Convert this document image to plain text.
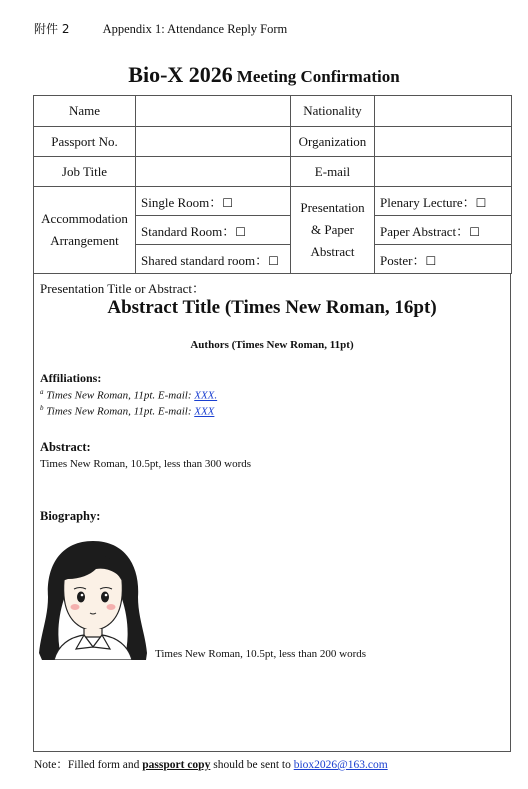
附件 2	Appendix 1: Attendance Reply Form
Bio-X 2026 Meeting Confirmation
Name		Nationality	
Passport No.		Organization	
Job Title		E-mail	
Accommodation Arrangement	Single Room：☐	Presentation & Paper Abstract	Plenary Lecture：☐
	Standard Room：☐		Paper Abstract：☐
	Shared standard room：☐		Poster：☐
Presentation Title or Abstract：
Abstract Title (Times New Roman, 16pt)
Authors (Times New Roman, 11pt)
Affiliations:
$^a$ Times New Roman, 11pt. E-mail: XXX.
$^b$ Times New Roman, 11pt. E-mail: XXX
Abstract:
Times New Roman, 10.5pt, less than 300 words
Biography:
Times New Roman, 10.5pt, less than 200 words
Note：Filled form and passport copy should be sent to biox2026@163.com
